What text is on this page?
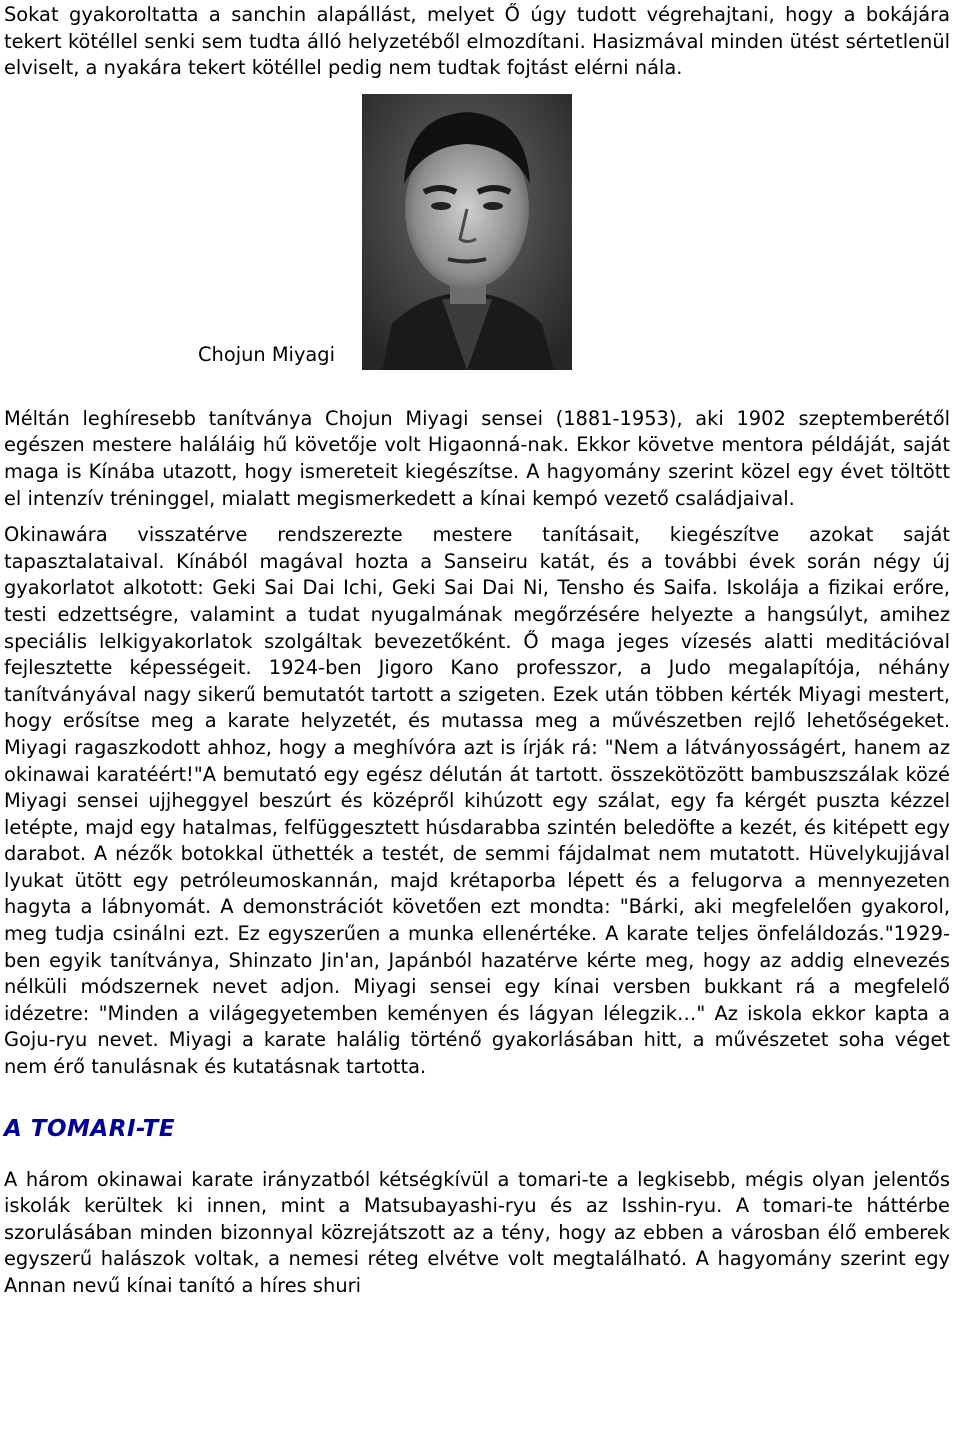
Sokat gyakoroltatta a sanchin alapállást, melyet Ő úgy tudott végrehajtani, hogy a bokájára tekert kötéllel senki sem tudta álló helyzetéből elmozdítani. Hasizmával minden ütést sértetlenül elviselt, a nyakára tekert kötéllel pedig nem tudtak fojtást elérni nála.

Chojun Miyagi

Méltán leghíresebb tanítványa Chojun Miyagi sensei (1881-1953), aki 1902 szeptemberétől egészen mestere haláláig hű követője volt Higaonná-nak. Ekkor követve mentora példáját, saját maga is Kínába utazott, hogy ismereteit kiegészítse. A hagyomány szerint közel egy évet töltött el intenzív tréninggel, mialatt megismerkedett a kínai kempó vezető családjaival.

Okinawára visszatérve rendszerezte mestere tanításait, kiegészítve azokat saját tapasztalataival. Kínából magával hozta a Sanseiru katát, és a további évek során négy új gyakorlatot alkotott: Geki Sai Dai Ichi, Geki Sai Dai Ni, Tensho és Saifa. Iskolája a fizikai erőre, testi edzettségre, valamint a tudat nyugalmának megőrzésére helyezte a hangsúlyt, amihez speciális lelkigyakorlatok szolgáltak bevezetőként. Ő maga jeges vízesés alatti meditációval fejlesztette képességeit. 1924-ben Jigoro Kano professzor, a Judo megalapítója, néhány tanítványával nagy sikerű bemutatót tartott a szigeten. Ezek után többen kérték Miyagi mestert, hogy erősítse meg a karate helyzetét, és mutassa meg a művészetben rejlő lehetőségeket. Miyagi ragaszkodott ahhoz, hogy a meghívóra azt is írják rá: "Nem a látványosságért, hanem az okinawai karatéért!"A bemutató egy egész délután át tartott. összekötözött bambuszszálak közé Miyagi sensei ujjheggyel beszúrt és középről kihúzott egy szálat, egy fa kérgét puszta kézzel letépte, majd egy hatalmas, felfüggesztett húsdarabba szintén beledöfte a kezét, és kitépett egy darabot. A nézők botokkal üthették a testét, de semmi fájdalmat nem mutatott. Hüvelykujjával lyukat ütött egy petróleumoskannán, majd krétaporba lépett és a felugorva a mennyezeten hagyta a lábnyomát. A demonstrációt követően ezt mondta: "Bárki, aki megfelelően gyakorol, meg tudja csinálni ezt. Ez egyszerűen a munka ellenértéke. A karate teljes önfeláldozás."1929-ben egyik tanítványa, Shinzato Jin'an, Japánból hazatérve kérte meg, hogy az addig elnevezés nélküli módszernek nevet adjon. Miyagi sensei egy kínai versben bukkant rá a megfelelő idézetre: "Minden a világegyetemben keményen és lágyan lélegzik…" Az iskola ekkor kapta a Goju-ryu nevet. Miyagi a karate halálig történő gyakorlásában hitt, a művészetet soha véget nem érő tanulásnak és kutatásnak tartotta.

A TOMARI-TE

A három okinawai karate irányzatból kétségkívül a tomari-te a legkisebb, mégis olyan jelentős iskolák kerültek ki innen, mint a Matsubayashi-ryu és az Isshin-ryu. A tomari-te háttérbe szorulásában minden bizonnyal közrejátszott az a tény, hogy az ebben a városban élő emberek egyszerű halászok voltak, a nemesi réteg elvétve volt megtalálható. A hagyomány szerint egy Annan nevű kínai tanító a híres shuri
